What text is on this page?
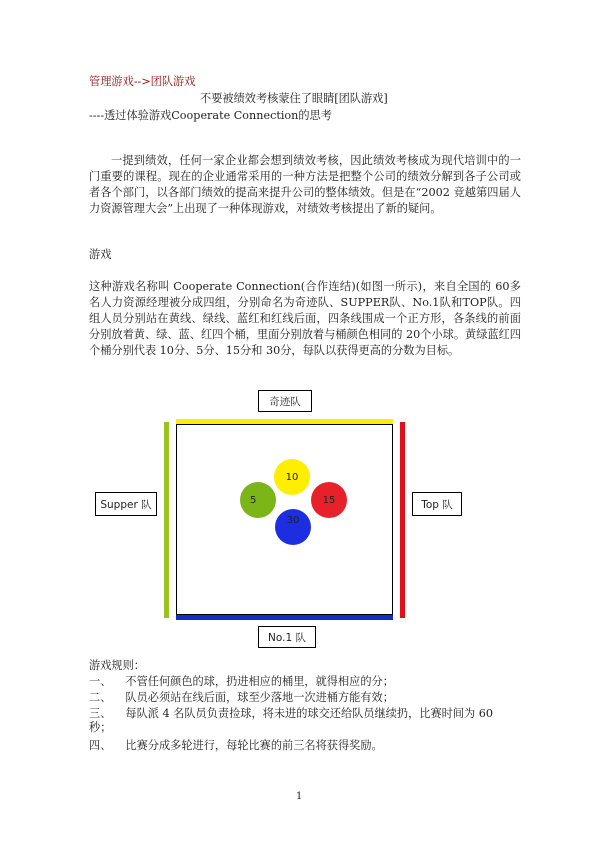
管理游戏-->团队游戏
不要被绩效考核蒙住了眼睛[团队游戏]
----透过体验游戏Cooperate Connection的思考
一提到绩效，任何一家企业都会想到绩效考核，因此绩效考核成为现代培训中的一门重要的课程。现在的企业通常采用的一种方法是把整个公司的绩效分解到各子公司或者各个部门，以各部门绩效的提高来提升公司的整体绩效。但是在“2002 竞越第四届人力资源管理大会”上出现了一种体现游戏，对绩效考核提出了新的疑问。
游戏
这种游戏名称叫 Cooperate Connection(合作连结)(如图一所示)，来自全国的 60多名人力资源经理被分成四组，分别命名为奇迹队、SUPPER队、No.1队和TOP队。四组人员分别站在黄线、绿线、蓝红和红线后面，四条线围成一个正方形，各条线的前面分别放着黄、绿、蓝、红四个桶，里面分别放着与桶颜色相同的 20个小球。黄绿蓝红四个桶分别代表 10分、5分、15分和 30分，每队以获得更高的分数为目标。
奇迹队
Supper 队	Top 队
No.1 队
10
5	15
30
游戏规则：
一、 不管任何颜色的球，扔进相应的桶里，就得相应的分；
二、 队员必须站在线后面，球至少落地一次进桶方能有效；
三、 每队派 4 名队员负责捡球，将未进的球交还给队员继续扔，比赛时间为 60
秒；
四、 比赛分成多轮进行，每轮比赛的前三名将获得奖励。
1
